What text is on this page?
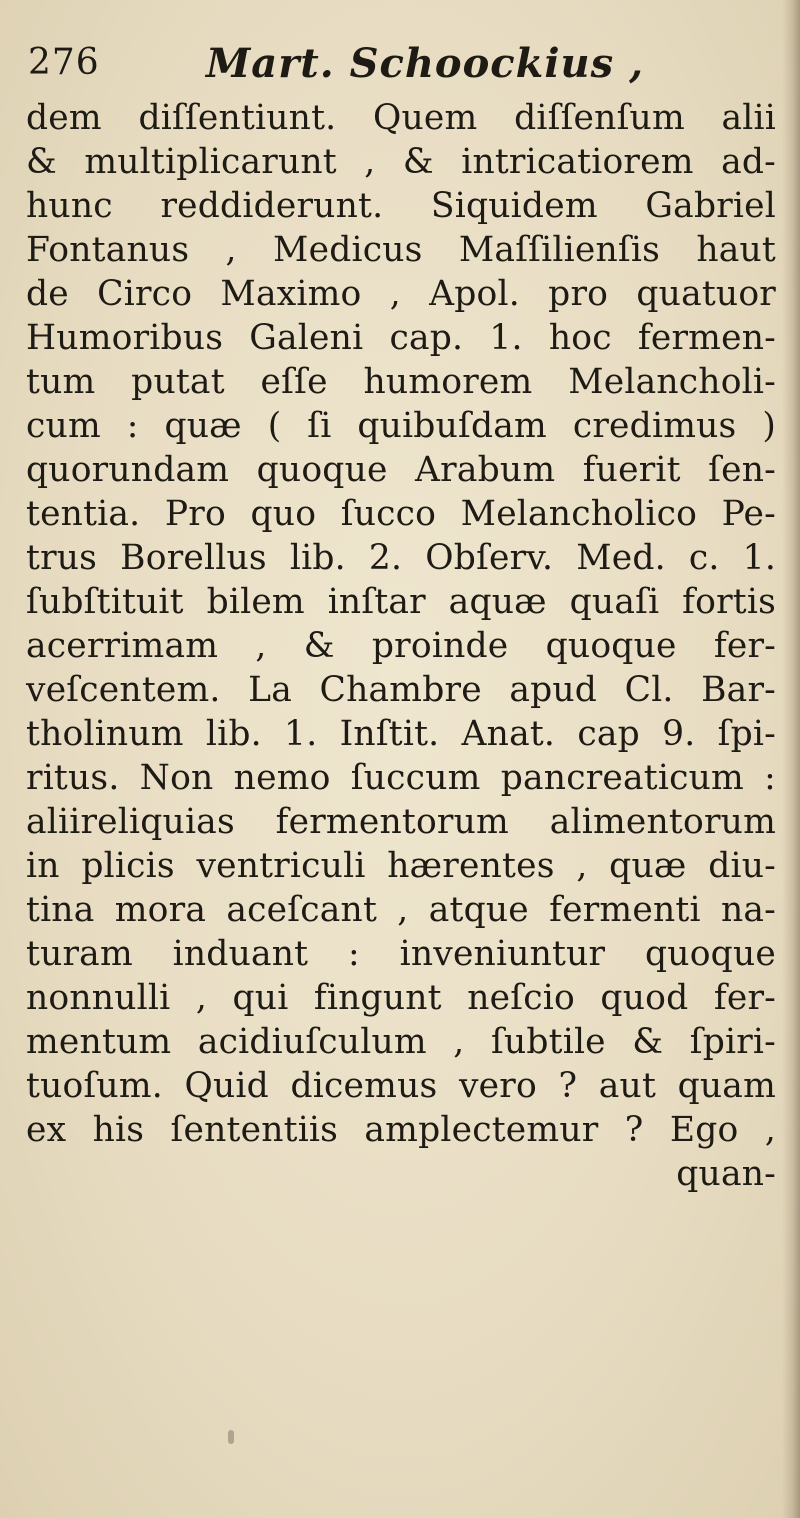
276	Mart. Schoockius ,
dem diſſentiunt. Quem diſſenſum alii
& multiplicarunt , & intricatiorem ad-
hunc reddiderunt. Siquidem Gabriel
Fontanus , Medicus Maſſilienſis haut
de Circo Maximo , Apol. pro quatuor
Humoribus Galeni cap. 1. hoc fermen-
tum putat eſſe humorem Melancholi-
cum : quæ ( ſi quibuſdam credimus )
quorundam quoque Arabum fuerit ſen-
tentia. Pro quo ſucco Melancholico Pe-
trus Borellus lib. 2. Obſerv. Med. c. 1.
ſubſtituit bilem inſtar aquæ quaſi fortis
acerrimam , & proinde quoque fer-
veſcentem. La Chambre apud Cl. Bar-
tholinum lib. 1. Inſtit. Anat. cap 9. ſpi-
ritus. Non nemo ſuccum pancreaticum :
aliireliquias fermentorum alimentorum
in plicis ventriculi hærentes , quæ diu-
tina mora aceſcant , atque fermenti na-
turam induant : inveniuntur quoque
nonnulli , qui fingunt neſcio quod fer-
mentum acidiuſculum , ſubtile & ſpiri-
tuoſum. Quid dicemus vero ? aut quam
ex his ſententiis amplectemur ? Ego ,
quan-
